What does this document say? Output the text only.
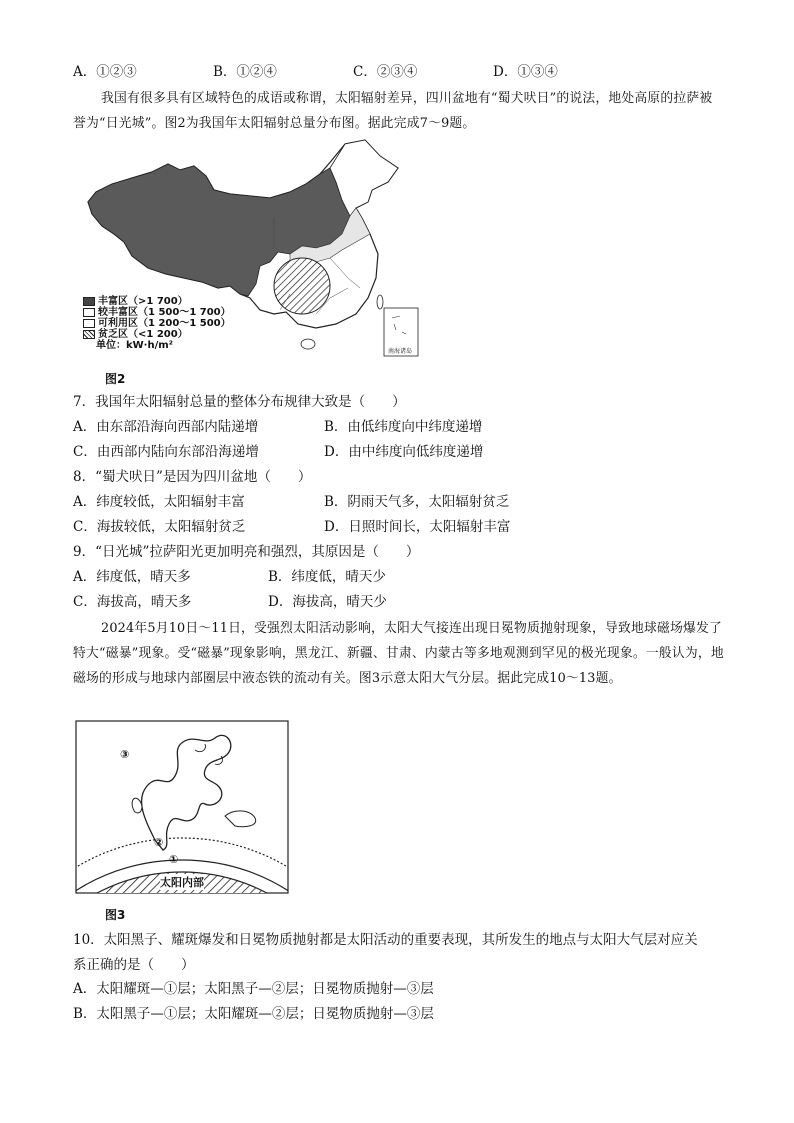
A．①②③	B．①②④	C．②③④	D．①③④
我国有很多具有区域特色的成语或称谓，太阳辐射差异，四川盆地有“蜀犬吠日”的说法，地处高原的拉萨被誉为“日光城”。图2为我国年太阳辐射总量分布图。据此完成7～9题。
南海诸岛
丰富区（>1 700）
较丰富区（1 500～1 700）
可利用区（1 200～1 500）
贫乏区（<1 200）
单位：kW·h/m²
图2
7．我国年太阳辐射总量的整体分布规律大致是（　　）
A．由东部沿海向西部内陆递增	B．由低纬度向中纬度递增
C．由西部内陆向东部沿海递增	D．由中纬度向低纬度递增
8．“蜀犬吠日”是因为四川盆地（　　）
A．纬度较低，太阳辐射丰富	B．阴雨天气多，太阳辐射贫乏
C．海拔较低，太阳辐射贫乏	D．日照时间长，太阳辐射丰富
9．“日光城”拉萨阳光更加明亮和强烈，其原因是（　　）
A．纬度低，晴天多	B．纬度低，晴天少
C．海拔高，晴天多	D．海拔高，晴天少
2024年5月10日～11日，受强烈太阳活动影响，太阳大气接连出现日冕物质抛射现象，导致地球磁场爆发了特大“磁暴”现象。受“磁暴”现象影响，黑龙江、新疆、甘肃、内蒙古等多地观测到罕见的极光现象。一般认为，地磁场的形成与地球内部圈层中液态铁的流动有关。图3示意太阳大气分层。据此完成10～13题。
③
②
①
太阳内部
图3
10．太阳黑子、耀斑爆发和日冕物质抛射都是太阳活动的重要表现，其所发生的地点与太阳大气层对应关
系正确的是（　　）
A．太阳耀斑—①层；太阳黑子—②层；日冕物质抛射—③层
B．太阳黑子—①层；太阳耀斑—②层；日冕物质抛射—③层
